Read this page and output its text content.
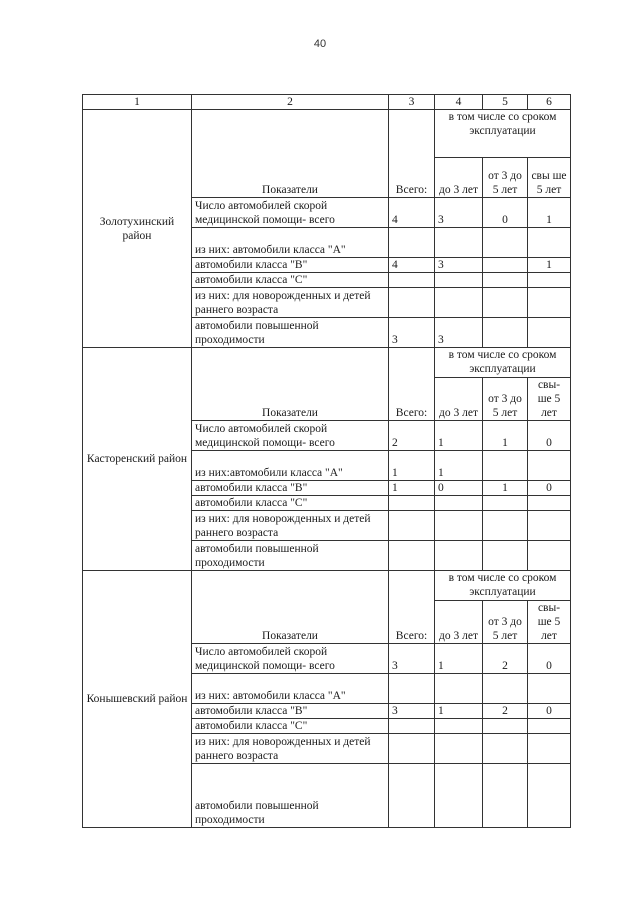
40
1	2	3	4	5	6
Золотухинский район	Показатели	Всего:	в том числе со сроком эксплуатации		
			до 3 лет	от 3 до 5 лет	свы ше 5 лет
	Число автомобилей скорой медицинской помощи- всего	4	3	0	1
	из них: автомобили класса "А"				
	автомобили класса "В"	4	3		1
	автомобили класса "С"				
	из них: для новорожденных и детей раннего возраста				
	автомобили повышенной проходимости	3	3		
Касторенский район	Показатели	Всего:	в том числе со сроком эксплуатации		
			до 3 лет	от 3 до 5 лет	свы- ше 5 лет
	Число автомобилей скорой медицинской помощи- всего	2	1	1	0
	из них:автомобили класса "А"	1	1		
	автомобили класса "В"	1	0	1	0
	автомобили класса "С"				
	из них: для новорожденных и детей раннего возраста				
	автомобили повышенной проходимости				
Конышевский район	Показатели	Всего:	в том числе со сроком эксплуатации		
			до 3 лет	от 3 до 5 лет	свы- ше 5 лет
	Число автомобилей скорой медицинской помощи- всего	3	1	2	0
	из них: автомобили класса "А"				
	автомобили класса "В"	3	1	2	0
	автомобили класса "С"				
	из них: для новорожденных и детей раннего возраста				
	автомобили повышенной проходимости				
